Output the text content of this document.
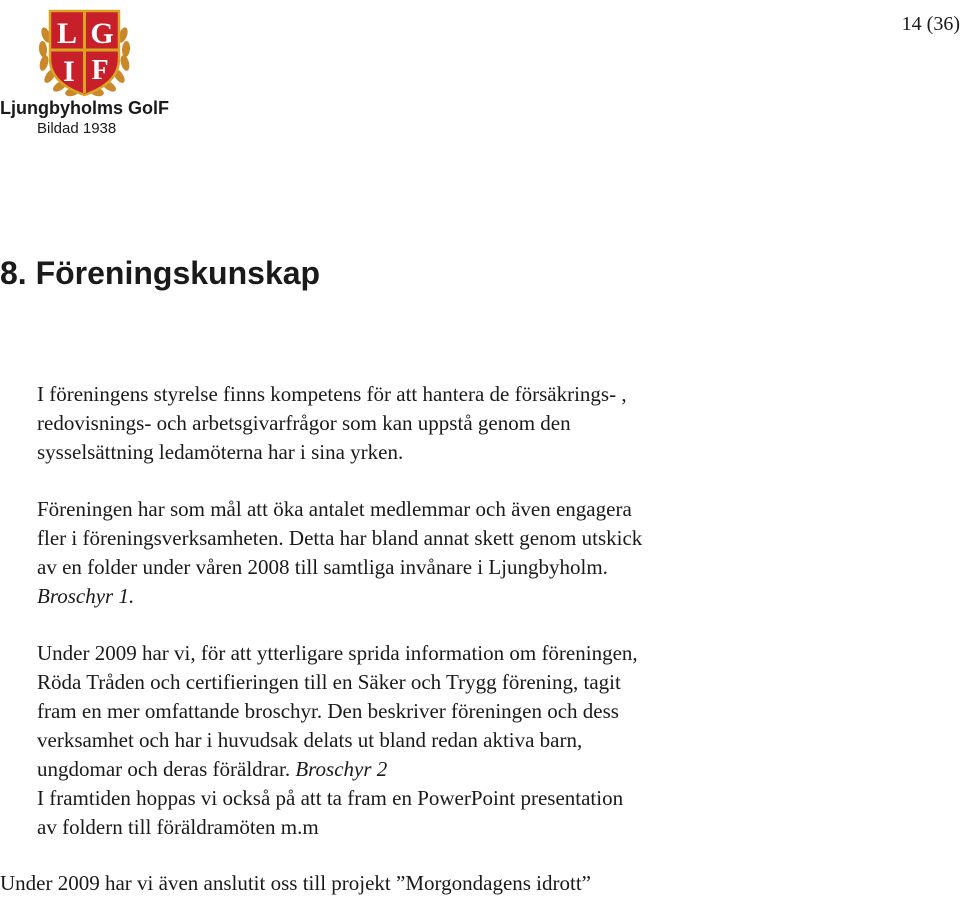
L G
I F
Ljungbyholms GolF
Bildad 1938
14 (36)
8. Föreningskunskap

I föreningens styrelse finns kompetens för att hantera de försäkrings- ,
redovisnings- och arbetsgivarfrågor som kan uppstå genom den
sysselsättning ledamöterna har i sina yrken.

Föreningen har som mål att öka antalet medlemmar och även engagera
fler i föreningsverksamheten. Detta har bland annat skett genom utskick
av en folder under våren 2008 till samtliga invånare i Ljungbyholm.
Broschyr 1.

Under 2009 har vi, för att ytterligare sprida information om föreningen,
Röda Tråden och certifieringen till en Säker och Trygg förening, tagit
fram en mer omfattande broschyr. Den beskriver föreningen och dess
verksamhet och har i huvudsak delats ut bland redan aktiva barn,
ungdomar och deras föräldrar. Broschyr 2
I framtiden hoppas vi också på att ta fram en PowerPoint presentation
av foldern till föräldramöten m.m

Under 2009 har vi även anslutit oss till projekt ”Morgondagens idrott”
